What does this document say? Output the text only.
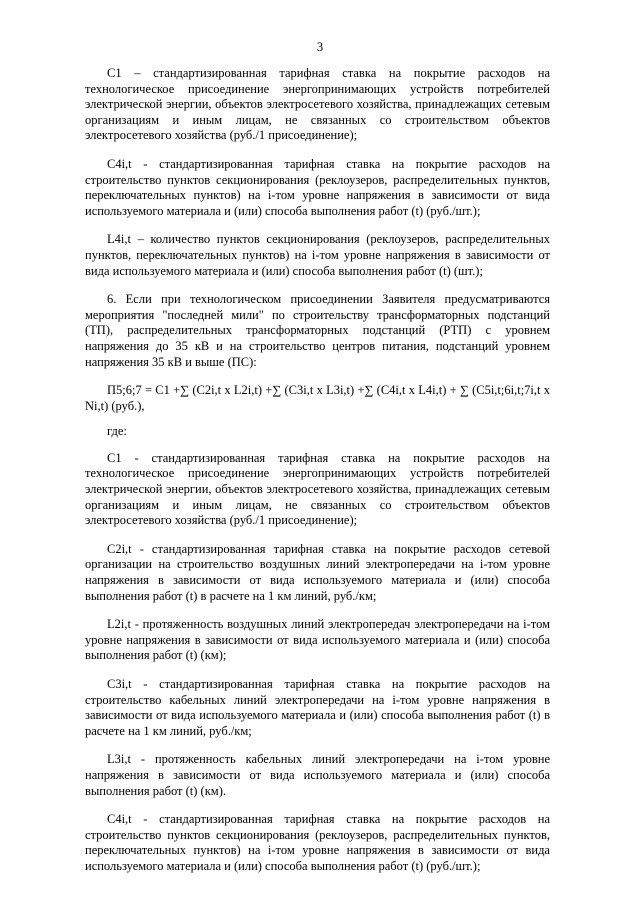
3

С1 – стандартизированная тарифная ставка на покрытие расходов на технологическое присоединение энергопринимающих устройств потребителей электрической энергии, объектов электросетевого хозяйства, принадлежащих сетевым организациям и иным лицам, не связанных со строительством объектов электросетевого хозяйства (руб./1 присоединение);

С4i,t - стандартизированная тарифная ставка на покрытие расходов на строительство пунктов секционирования (реклоузеров, распределительных пунктов, переключательных пунктов) на i-том уровне напряжения в зависимости от вида используемого материала и (или) способа выполнения работ (t) (руб./шт.);

L4i,t – количество пунктов секционирования (реклоузеров, распределительных пунктов, переключательных пунктов) на i-том уровне напряжения в зависимости от вида используемого материала и (или) способа выполнения работ (t) (шт.);

6. Если при технологическом присоединении Заявителя предусматриваются мероприятия "последней мили" по строительству трансформаторных подстанций (ТП), распределительных трансформаторных подстанций (РТП) с уровнем напряжения до 35 кВ и на строительство центров питания, подстанций уровнем напряжения 35 кВ и выше (ПС):

П5;6;7 = С1 +∑ (С2i,t x L2i,t) +∑ (С3i,t x L3i,t) +∑ (С4i,t x L4i,t) + ∑ (С5i,t;6i,t;7i,t x Ni,t) (руб.),

где:

С1 - стандартизированная тарифная ставка на покрытие расходов на технологическое присоединение энергопринимающих устройств потребителей электрической энергии, объектов электросетевого хозяйства, принадлежащих сетевым организациям и иным лицам, не связанных со строительством объектов электросетевого хозяйства (руб./1 присоединение);

С2i,t - стандартизированная тарифная ставка на покрытие расходов сетевой организации на строительство воздушных линий электропередачи на i-том уровне напряжения в зависимости от вида используемого материала и (или) способа выполнения работ (t) в расчете на 1 км линий, руб./км;

L2i,t - протяженность воздушных линий электропередач электропередачи на i-том уровне напряжения в зависимости от вида используемого материала и (или) способа выполнения работ (t) (км);

С3i,t - стандартизированная тарифная ставка на покрытие расходов на строительство кабельных линий электропередачи на i-том уровне напряжения в зависимости от вида используемого материала и (или) способа выполнения работ (t) в расчете на 1 км линий, руб./км;

L3i,t - протяженность кабельных линий электропередачи на i-том уровне напряжения в зависимости от вида используемого материала и (или) способа выполнения работ (t) (км).

С4i,t - стандартизированная тарифная ставка на покрытие расходов на строительство пунктов секционирования (реклоузеров, распределительных пунктов, переключательных пунктов) на i-том уровне напряжения в зависимости от вида используемого материала и (или) способа выполнения работ (t) (руб./шт.);
